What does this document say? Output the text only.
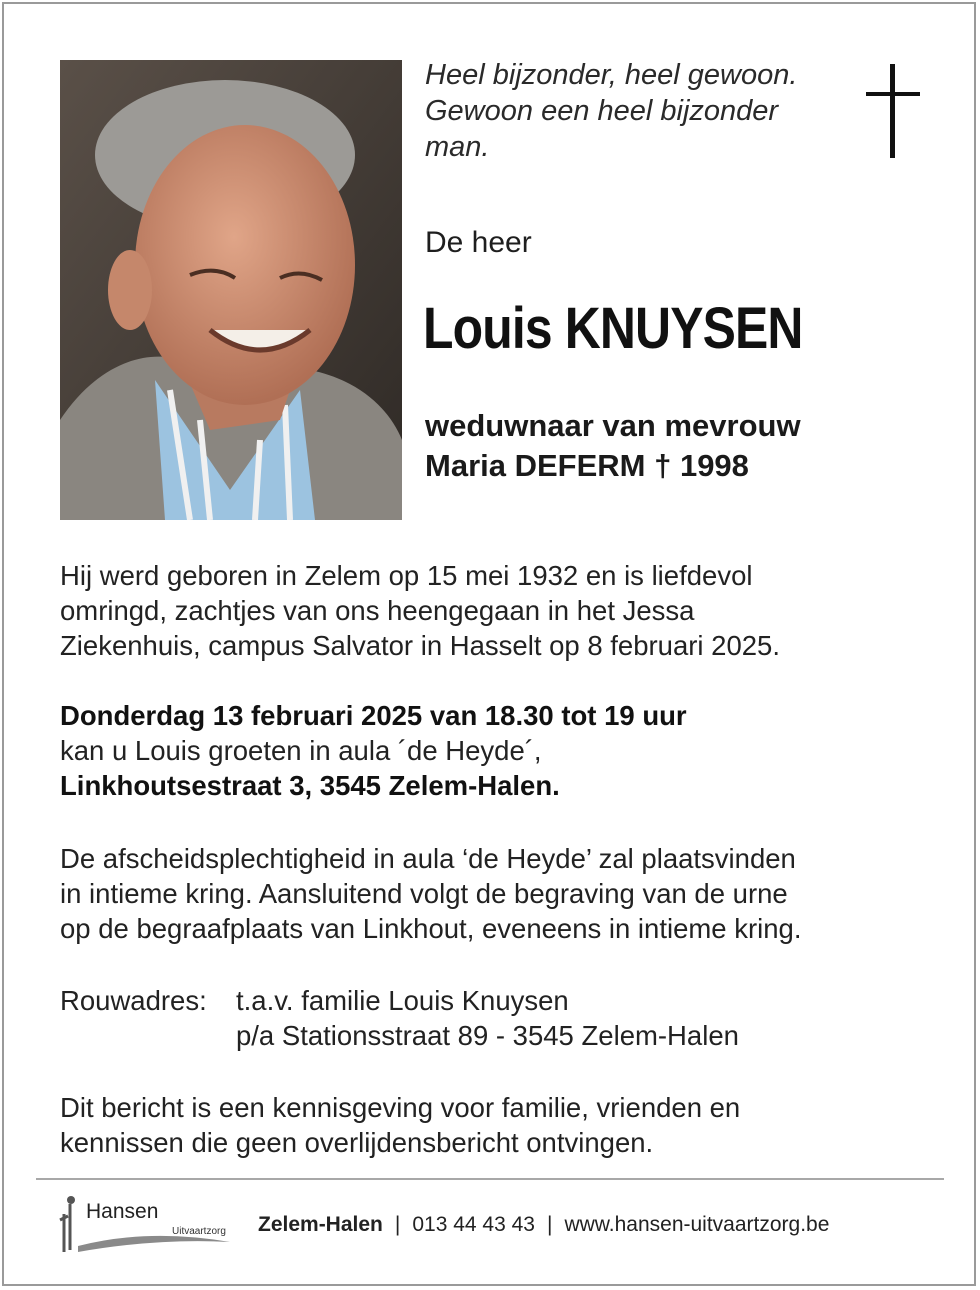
Heel bijzonder, heel gewoon.
Gewoon een heel bijzonder
man.
De heer
Louis KNUYSEN
weduwnaar van mevrouw
Maria DEFERM † 1998
Hij werd geboren in Zelem op 15 mei 1932 en is liefdevol
omringd, zachtjes van ons heengegaan in het Jessa
Ziekenhuis, campus Salvator in Hasselt op 8 februari 2025.
Donderdag 13 februari 2025 van 18.30 tot 19 uur
kan u Louis groeten in aula ´de Heyde´,
Linkhoutsestraat 3, 3545 Zelem-Halen.
De afscheidsplechtigheid in aula ‘de Heyde’ zal plaatsvinden
in intieme kring. Aansluitend volgt de begraving van de urne
op de begraafplaats van Linkhout, eveneens in intieme kring.
Rouwadres:	t.a.v. familie Louis Knuysen
p/a Stationsstraat 89 - 3545 Zelem-Halen
Dit bericht is een kennisgeving voor familie, vrienden en
kennissen die geen overlijdensbericht ontvingen.
Hansen
Uitvaartzorg Zelem-Halen | 013 44 43 43 | www.hansen-uitvaartzorg.be
